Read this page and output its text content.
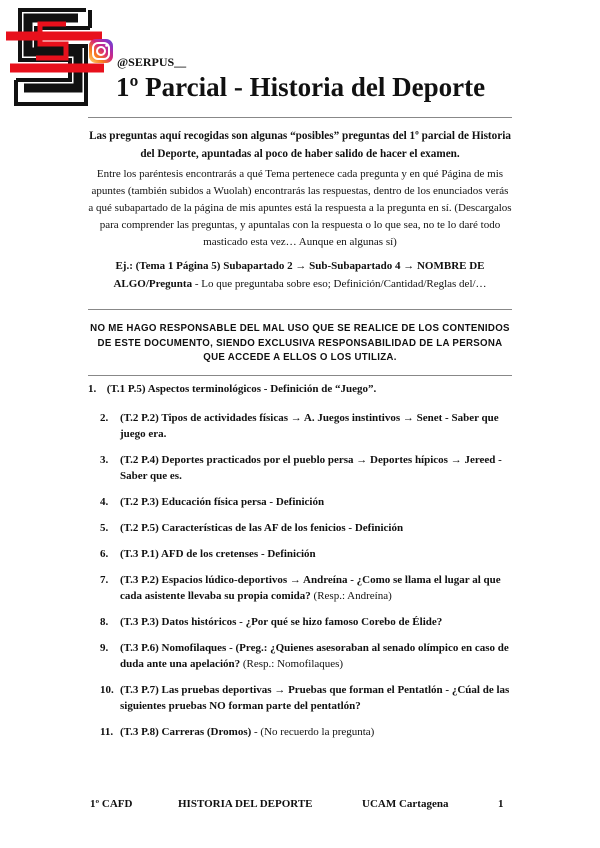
@SERPUS__
1º Parcial - Historia del Deporte
Las preguntas aquí recogidas son algunas “posibles” preguntas del 1º parcial de Historia del Deporte, apuntadas al poco de haber salido de hacer el examen.
Entre los paréntesis encontrarás a qué Tema pertenece cada pregunta y en qué Página de mis apuntes (también subidos a Wuolah) encontrarás las respuestas, dentro de los enunciados verás a qué subapartado de la página de mis apuntes está la respuesta a la pregunta en sí. (Descargalos para comprender las preguntas, y apuntalas con la respuesta o lo que sea, no te lo daré todo masticado esta vez… Aunque en algunas sí)
Ej.: (Tema 1 Página 5) Subapartado 2 → Sub-Subapartado 4 → NOMBRE DE ALGO/Pregunta - Lo que preguntaba sobre eso; Definición/Cantidad/Reglas del/…
NO ME HAGO RESPONSABLE DEL MAL USO QUE SE REALICE DE LOS CONTENIDOS DE ESTE DOCUMENTO, SIENDO EXCLUSIVA RESPONSABILIDAD DE LA PERSONA QUE ACCEDE A ELLOS O LOS UTILIZA.
1. (T.1 P.5) Aspectos terminológicos - Definición de “Juego”.
2. (T.2 P.2) Tipos de actividades físicas → A. Juegos instintivos → Senet - Saber que juego era.
3. (T.2 P.4) Deportes practicados por el pueblo persa → Deportes hípicos → Jereed - Saber que es.
4. (T.2 P.3) Educación física persa - Definición
5. (T.2 P.5) Características de las AF de los fenicios - Definición
6. (T.3 P.1) AFD de los cretenses - Definición
7. (T.3 P.2) Espacios lúdico-deportivos → Andreína - ¿Como se llama el lugar al que cada asistente llevaba su propia comida? (Resp.: Andreína)
8. (T.3 P.3) Datos históricos - ¿Por qué se hizo famoso Corebo de Élide?
9. (T.3 P.6) Nomofilaques - (Preg.: ¿Quienes asesoraban al senado olímpico en caso de duda ante una apelación? (Resp.: Nomofilaques)
10. (T.3 P.7) Las pruebas deportivas → Pruebas que forman el Pentatlón - ¿Cúal de las siguientes pruebas NO forman parte del pentatlón?
11. (T.3 P.8) Carreras (Dromos) - (No recuerdo la pregunta)
1º CAFD	HISTORIA DEL DEPORTE	UCAM Cartagena	1
